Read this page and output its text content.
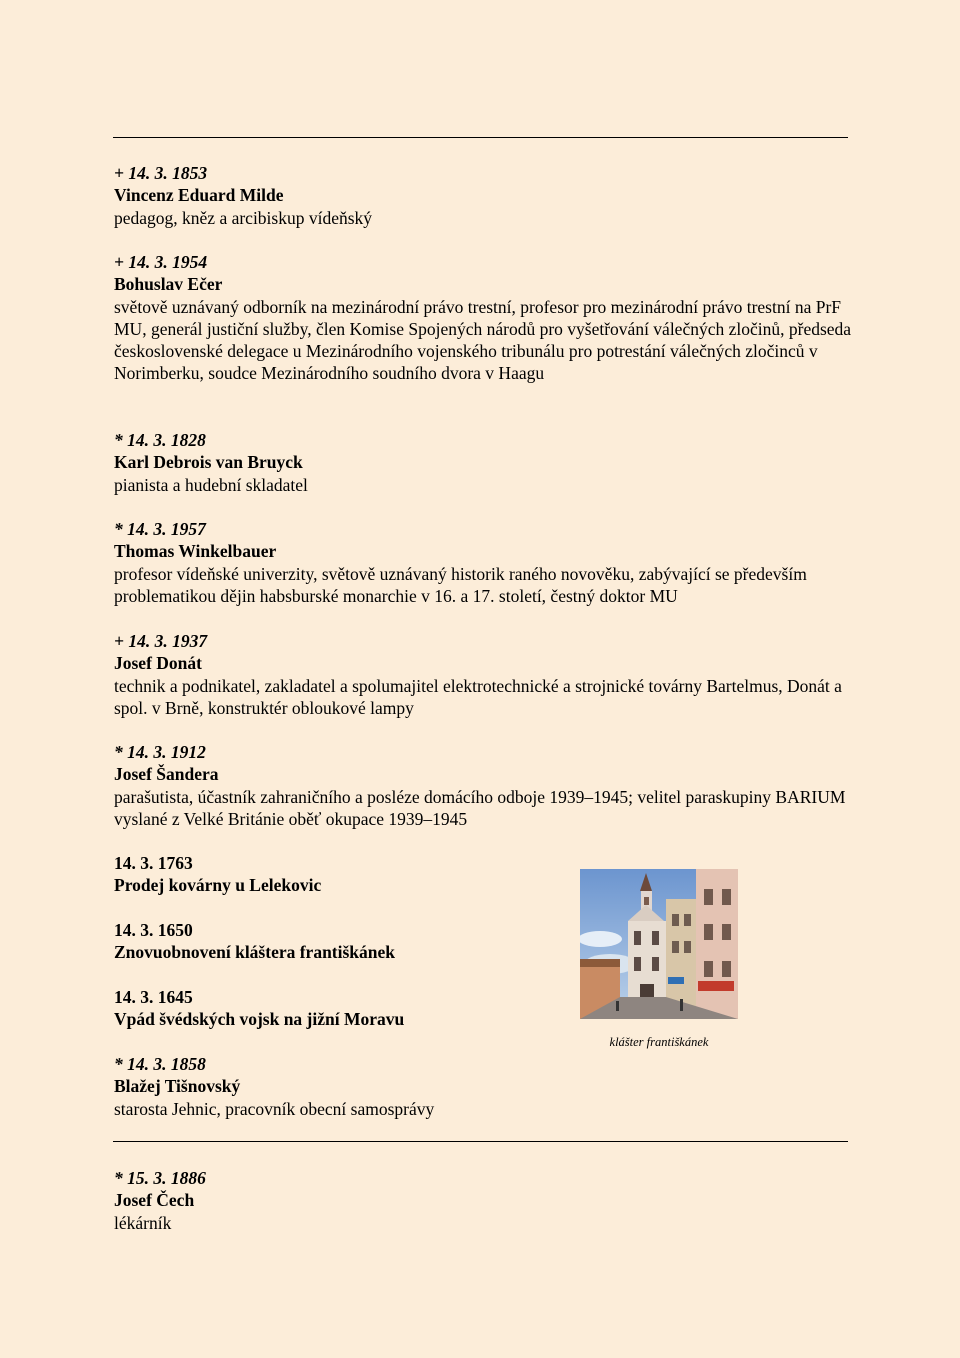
+ 14. 3. 1853
Vincenz Eduard Milde
pedagog, kněz a arcibiskup vídeňský
+ 14. 3. 1954
Bohuslav Ečer
světově uznávaný odborník na mezinárodní právo trestní, profesor pro mezinárodní právo trestní na PrF MU, generál justiční služby, člen Komise Spojených národů pro vyšetřování válečných zločinů, předseda československé delegace u Mezinárodního vojenského tribunálu pro potrestání válečných zločinců v Norimberku, soudce Mezinárodního soudního dvora v Haagu
* 14. 3. 1828
Karl Debrois van Bruyck
pianista a hudební skladatel
* 14. 3. 1957
Thomas Winkelbauer
profesor vídeňské univerzity, světově uznávaný historik raného novověku, zabývající se především problematikou dějin habsburské monarchie v 16. a 17. století, čestný doktor MU
+ 14. 3. 1937
Josef Donát
technik a podnikatel, zakladatel a spolumajitel elektrotechnické a strojnické továrny Bartelmus, Donát a spol. v Brně, konstruktér obloukové lampy
* 14. 3. 1912
Josef Šandera
parašutista, účastník zahraničního a posléze domácího odboje 1939–1945; velitel paraskupiny BARIUM vyslané z Velké Británie oběť okupace 1939–1945
14. 3. 1763
Prodej kovárny u Lelekovic
14. 3. 1650
Znovuobnovení kláštera františkánek
14. 3. 1645
Vpád švédských vojsk na jižní Moravu
* 14. 3. 1858
Blažej Tišnovský
starosta Jehnic, pracovník obecní samosprávy
* 15. 3. 1886
Josef Čech
lékárník
klášter františkánek
